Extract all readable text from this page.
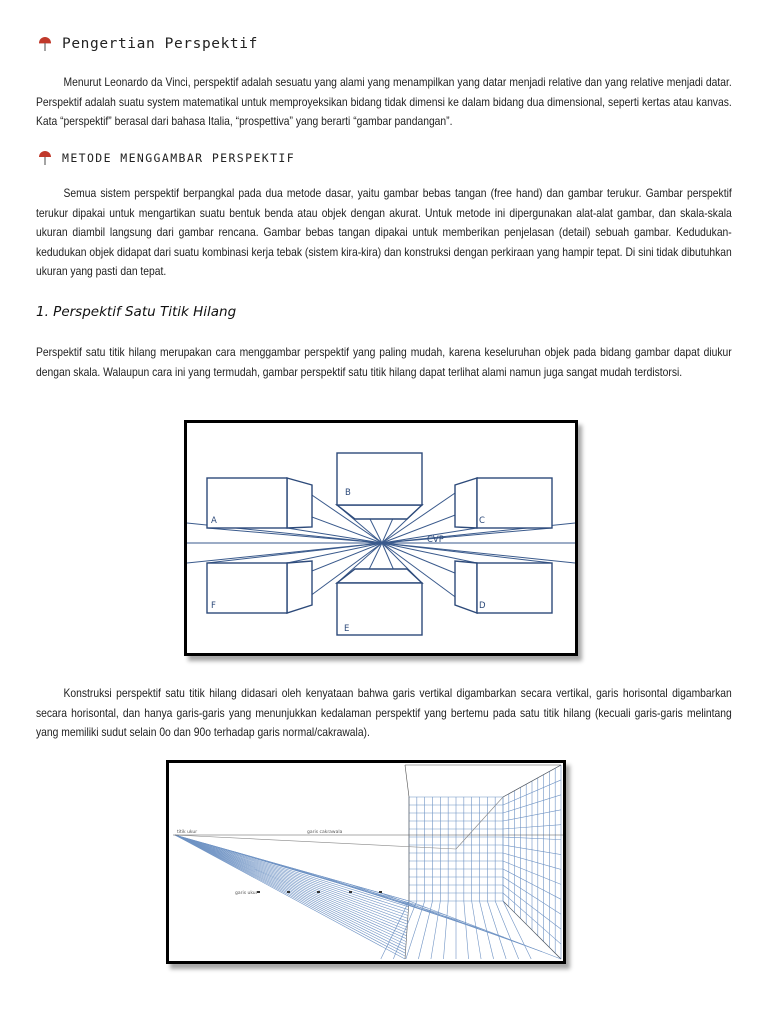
Pengertian Perspektif
Menurut Leonardo da Vinci, perspektif adalah sesuatu yang alami yang menampilkan yang datar menjadi relative dan yang relative menjadi datar. Perspektif adalah suatu system matematikal untuk memproyeksikan bidang tidak dimensi ke dalam bidang dua dimensional, seperti kertas atau kanvas. Kata “perspektif” berasal dari bahasa Italia, “prospettiva” yang berarti “gambar pandangan”.
METODE MENGGAMBAR PERSPEKTIF
Semua sistem perspektif berpangkal pada dua metode dasar, yaitu gambar bebas tangan (free hand) dan gambar terukur. Gambar perspektif terukur dipakai untuk mengartikan suatu bentuk benda atau objek dengan akurat. Untuk metode ini dipergunakan alat-alat gambar, dan skala-skala ukuran diambil langsung dari gambar rencana. Gambar bebas tangan dipakai untuk memberikan penjelasan (detail) sebuah gambar. Kedudukan-kedudukan objek didapat dari suatu kombinasi kerja tebak (sistem kira-kira) dan konstruksi dengan perkiraan yang hampir tepat. Di sini tidak dibutuhkan ukuran yang pasti dan tepat.
1. Perspektif Satu Titik Hilang
Perspektif satu titik hilang merupakan cara menggambar perspektif yang paling mudah, karena keseluruhan objek pada bidang gambar dapat diukur dengan skala. Walaupun cara ini yang termudah, gambar perspektif satu titik hilang dapat terlihat alami namun juga sangat mudah terdistorsi.
A
B
C
D
E
F
CVP
Konstruksi perspektif satu titik hilang didasari oleh kenyataan bahwa garis vertikal digambarkan secara vertikal, garis horisontal digambarkan secara horisontal, dan hanya garis-garis yang menunjukkan kedalaman perspektif yang bertemu pada satu titik hilang (kecuali garis-garis melintang yang memiliki sudut selain 0o dan 90o terhadap garis normal/cakrawala).
titik ukur	garis cakrawala
garis ukur
